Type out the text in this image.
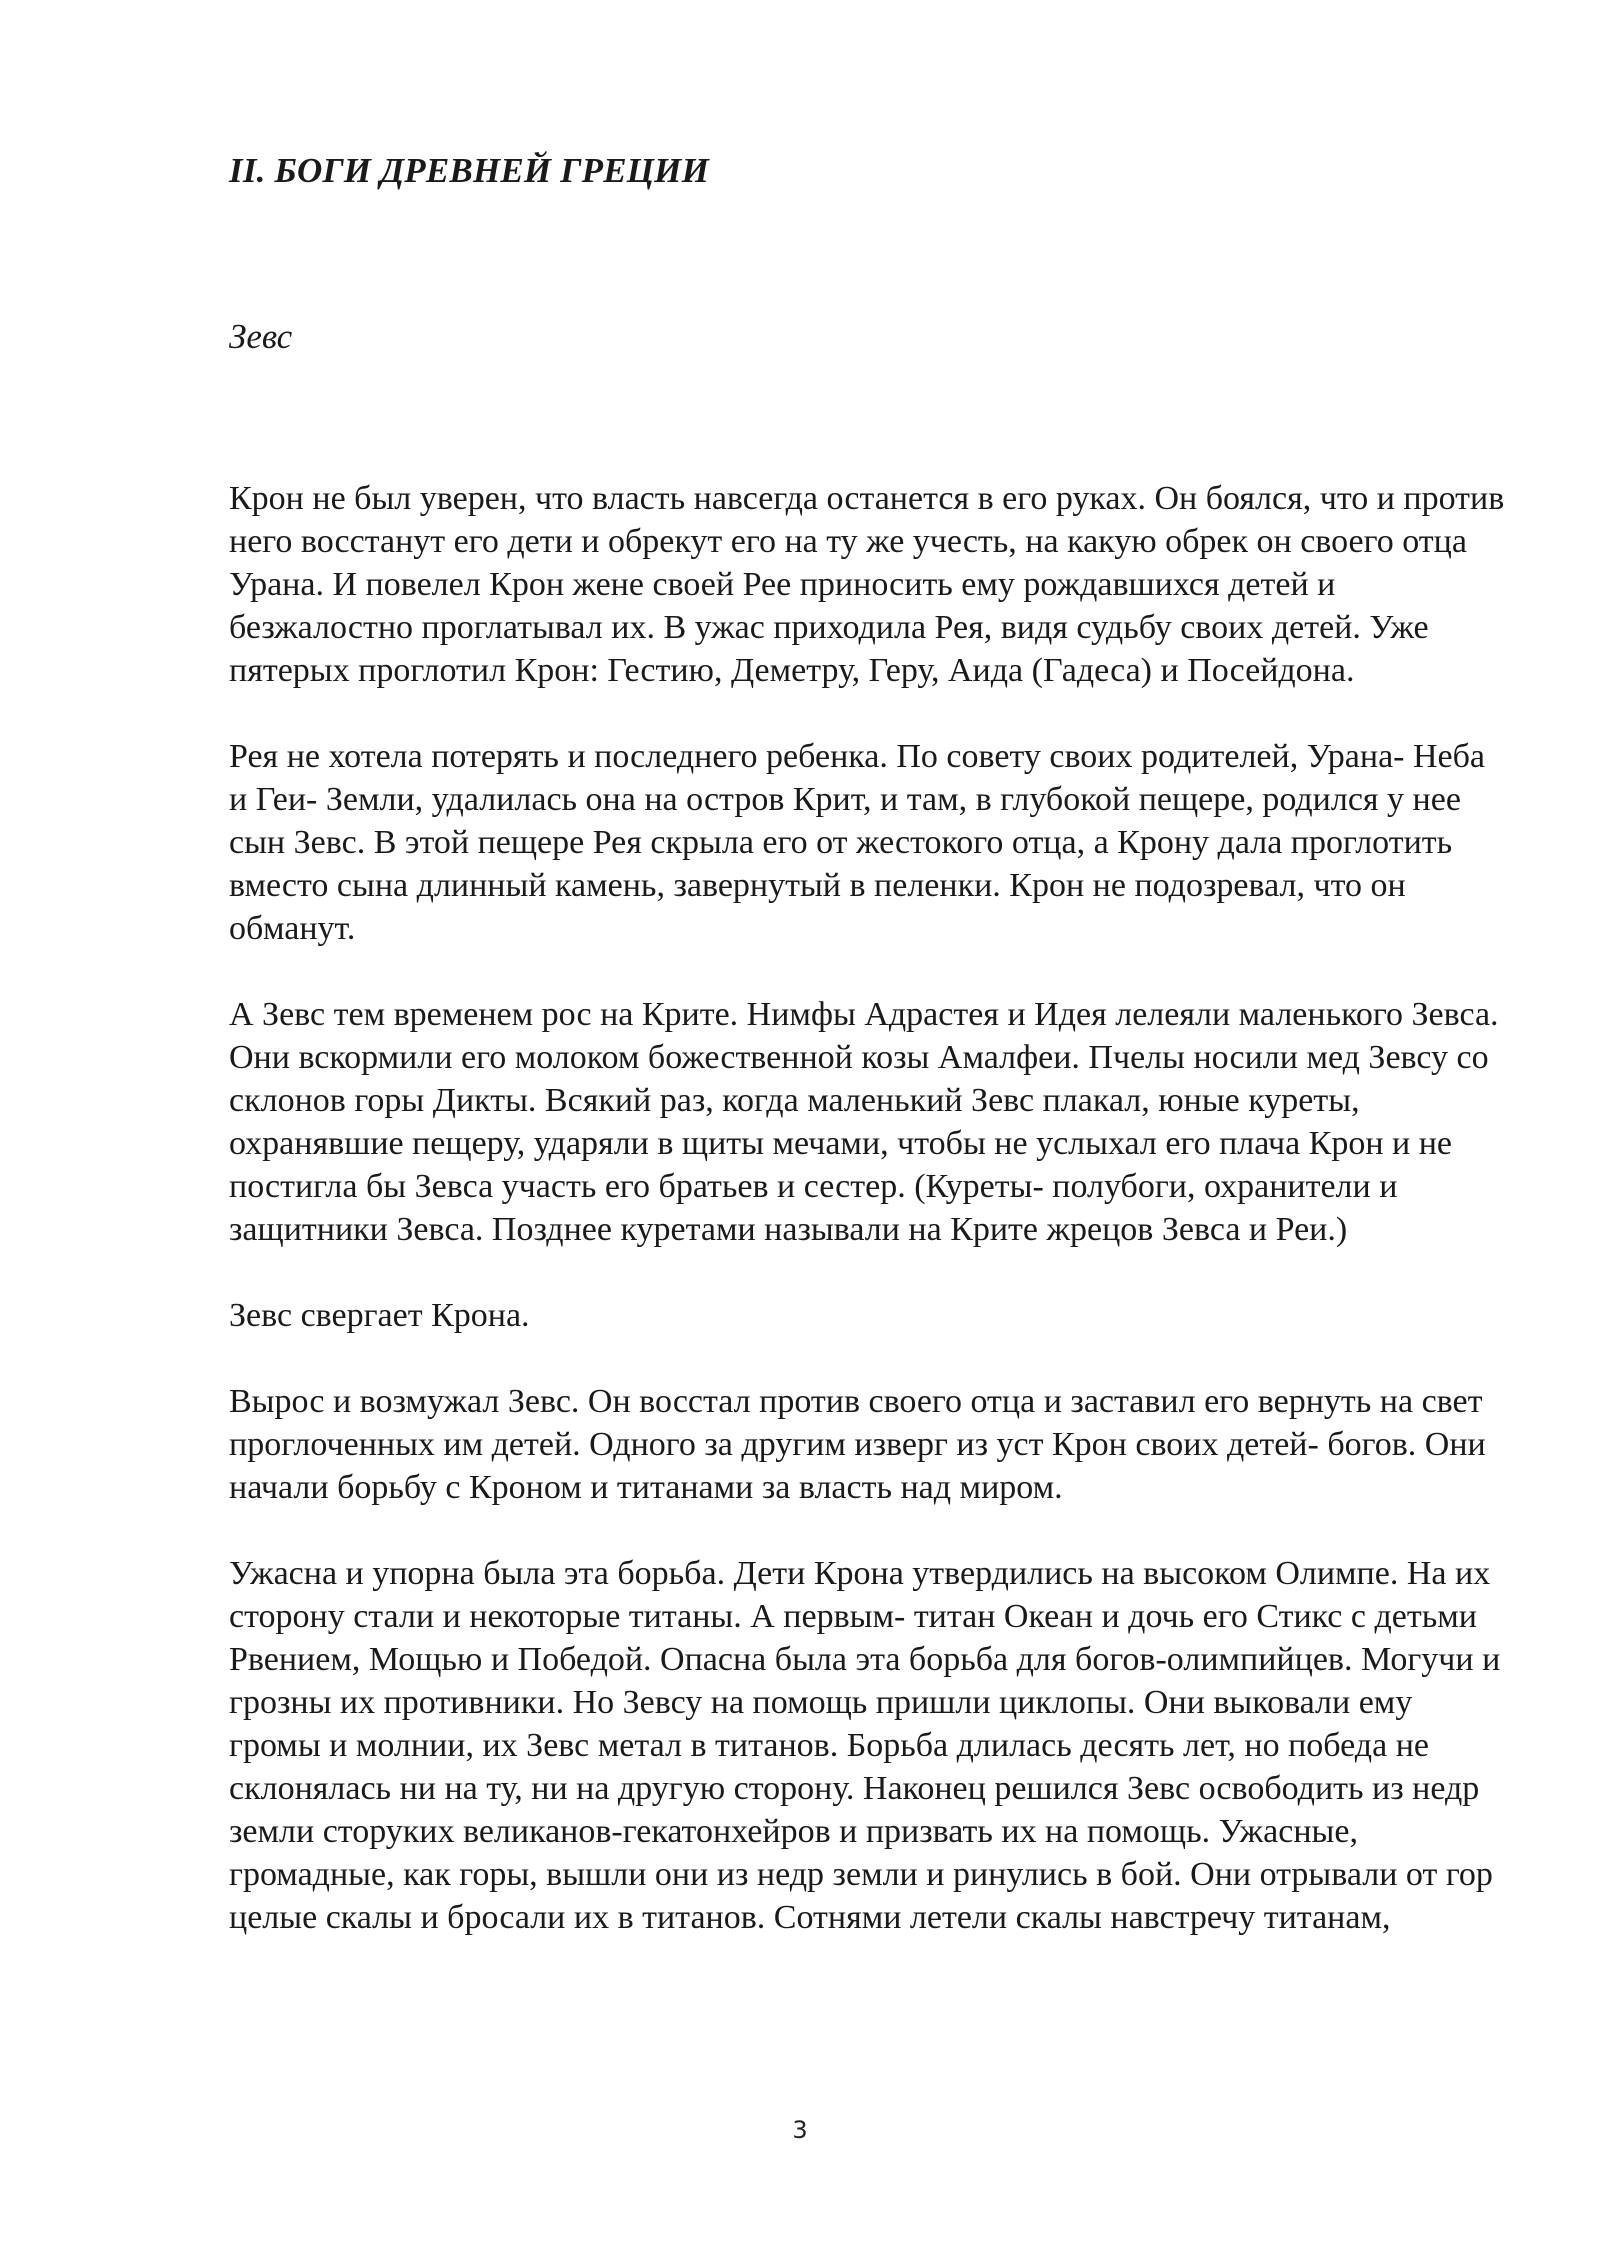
II. БОГИ ДРЕВНЕЙ ГРЕЦИИ
Зевс

Крон не был уверен, что власть навсегда останется в его руках. Он боялся, что и против него восстанут его дети и обрекут его на ту же учесть, на какую обрек он своего отца Урана. И повелел Крон жене своей Рее приносить ему рождавшихся детей и безжалостно проглатывал их. В ужас приходила Рея, видя судьбу своих детей. Уже пятерых проглотил Крон: Гестию, Деметру, Геру, Аида (Гадеса) и Посейдона.

Рея не хотела потерять и последнего ребенка. По совету своих родителей, Урана- Неба и Геи- Земли, удалилась она на остров Крит, и там, в глубокой пещере, родился у нее сын Зевс. В этой пещере Рея скрыла его от жестокого отца, а Крону дала проглотить вместо сына длинный камень, завернутый в пеленки. Крон не подозревал, что он обманут.

А Зевс тем временем рос на Крите. Нимфы Адрастея и Идея лелеяли маленького Зевса. Они вскормили его молоком божественной козы Амалфеи. Пчелы носили мед Зевсу со склонов горы Дикты. Всякий раз, когда маленький Зевс плакал, юные куреты, охранявшие пещеру, ударяли в щиты мечами, чтобы не услыхал его плача Крон и не постигла бы Зевса участь его братьев и сестер. (Куреты- полубоги, охранители и защитники Зевса. Позднее куретами называли на Крите жрецов Зевса и Реи.)

Зевс свергает Крона.

Вырос и возмужал Зевс. Он восстал против своего отца и заставил его вернуть на свет проглоченных им детей. Одного за другим изверг из уст Крон своих детей- богов. Они начали борьбу с Кроном и титанами за власть над миром.

Ужасна и упорна была эта борьба. Дети Крона утвердились на высоком Олимпе. На их сторону стали и некоторые титаны. А первым- титан Океан и дочь его Стикс с детьми Рвением, Мощью и Победой. Опасна была эта борьба для богов-олимпийцев. Могучи и грозны их противники. Но Зевсу на помощь пришли циклопы. Они выковали ему громы и молнии, их Зевс метал в титанов. Борьба длилась десять лет, но победа не склонялась ни на ту, ни на другую сторону. Наконец решился Зевс освободить из недр земли сторуких великанов-гекатонхейров и призвать их на помощь. Ужасные, громадные, как горы, вышли они из недр земли и ринулись в бой. Они отрывали от гор целые скалы и бросали их в титанов. Сотнями летели скалы навстречу титанам,

3
